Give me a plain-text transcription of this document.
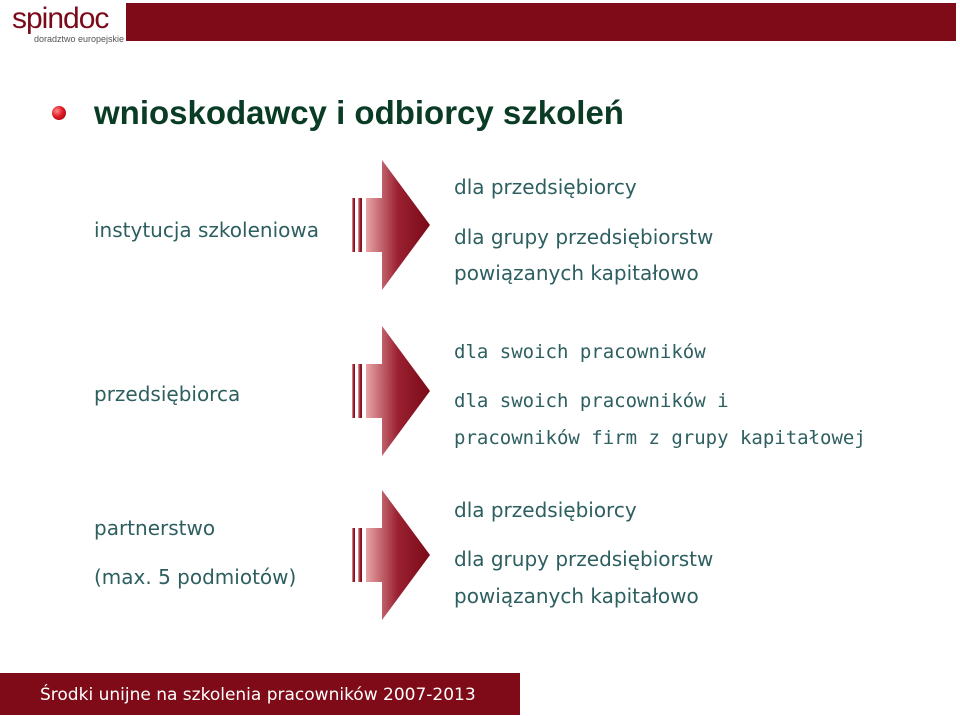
spindoc
doradztwo europejskie
wnioskodawcy i odbiorcy szkoleń
instytucja szkoleniowa
dla przedsiębiorcy
dla grupy przedsiębiorstw
powiązanych kapitałowo
przedsiębiorca
dla swoich pracowników
dla swoich pracowników i
pracowników firm z grupy kapitałowej
partnerstwo
(max. 5 podmiotów)
dla przedsiębiorcy
dla grupy przedsiębiorstw
powiązanych kapitałowo
Środki unijne na szkolenia pracowników 2007-2013
